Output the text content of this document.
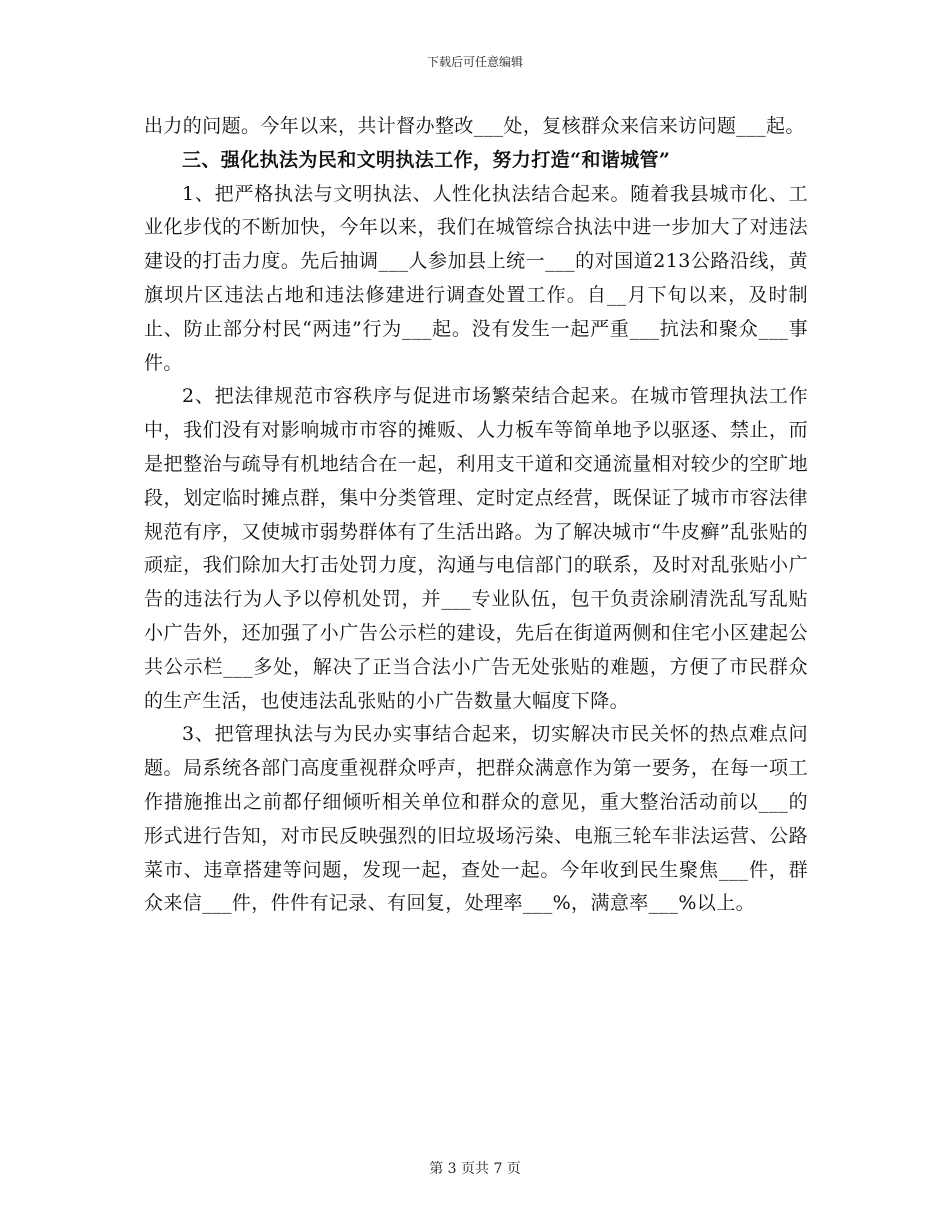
下载后可任意编辑

出力的问题。今年以来，共计督办整改___处，复核群众来信来访问题___起。

三、强化执法为民和文明执法工作，努力打造“和谐城管”

1、把严格执法与文明执法、人性化执法结合起来。随着我县城市化、工业化步伐的不断加快，今年以来，我们在城管综合执法中进一步加大了对违法建设的打击力度。先后抽调___人参加县上统一___的对国道213公路沿线，黄旗坝片区违法占地和违法修建进行调查处置工作。自__月下旬以来，及时制止、防止部分村民“两违”行为___起。没有发生一起严重___抗法和聚众___事件。

2、把法律规范市容秩序与促进市场繁荣结合起来。在城市管理执法工作中，我们没有对影响城市市容的摊贩、人力板车等简单地予以驱逐、禁止，而是把整治与疏导有机地结合在一起，利用支干道和交通流量相对较少的空旷地段，划定临时摊点群，集中分类管理、定时定点经营，既保证了城市市容法律规范有序，又使城市弱势群体有了生活出路。为了解决城市“牛皮癣”乱张贴的顽症，我们除加大打击处罚力度，沟通与电信部门的联系，及时对乱张贴小广告的违法行为人予以停机处罚，并___专业队伍，包干负责涂刷清洗乱写乱贴小广告外，还加强了小广告公示栏的建设，先后在街道两侧和住宅小区建起公共公示栏___多处，解决了正当合法小广告无处张贴的难题，方便了市民群众的生产生活，也使违法乱张贴的小广告数量大幅度下降。

3、把管理执法与为民办实事结合起来，切实解决市民关怀的热点难点问题。局系统各部门高度重视群众呼声，把群众满意作为第一要务，在每一项工作措施推出之前都仔细倾听相关单位和群众的意见，重大整治活动前以___的形式进行告知，对市民反映强烈的旧垃圾场污染、电瓶三轮车非法运营、公路菜市、违章搭建等问题，发现一起，查处一起。今年收到民生聚焦___件，群众来信___件，件件有记录、有回复，处理率___%，满意率___%以上。

第 3 页共 7 页
